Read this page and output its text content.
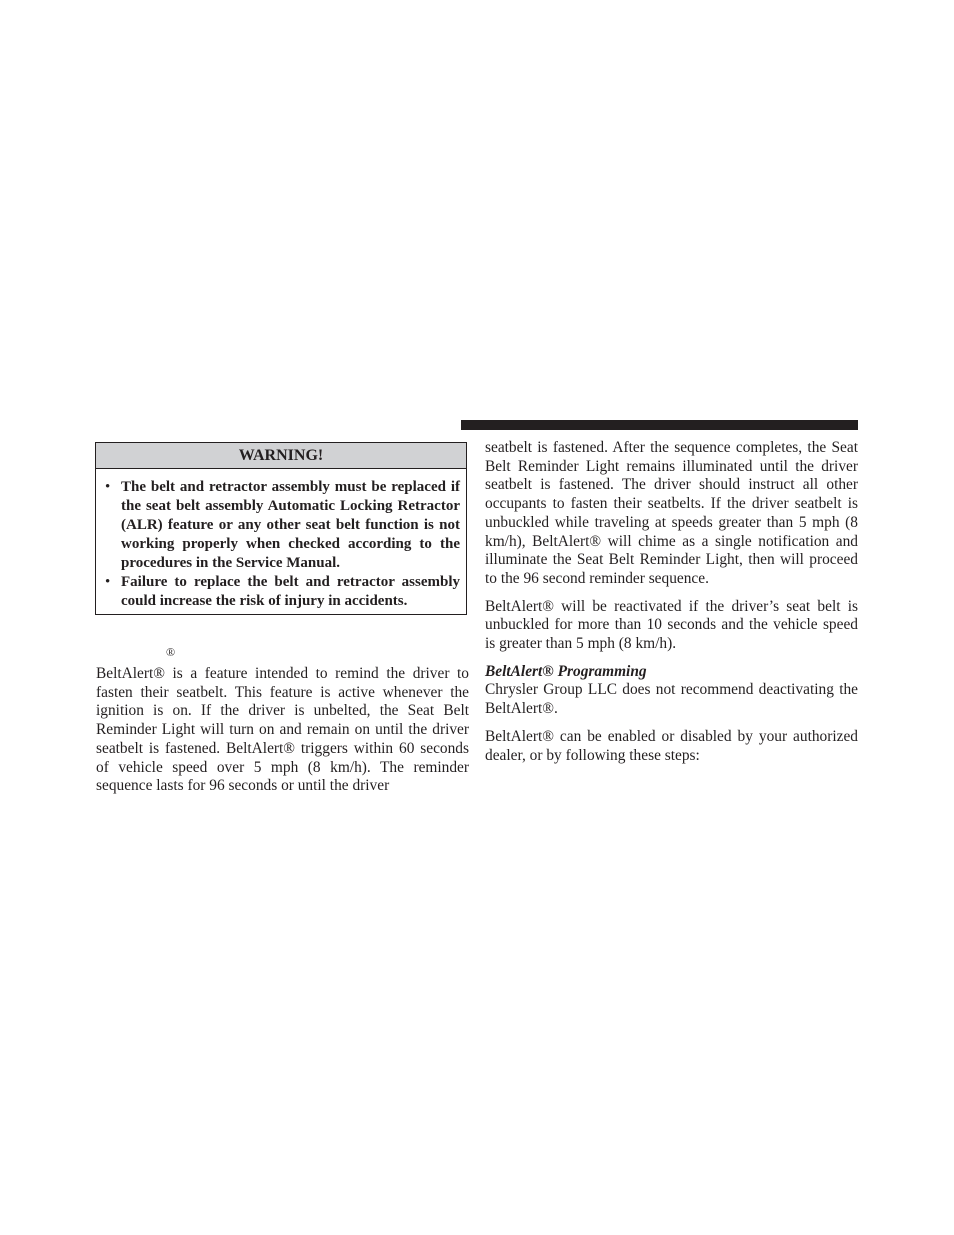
WARNING!
• The belt and retractor assembly must be replaced if the seat belt assembly Automatic Locking Retractor (ALR) feature or any other seat belt function is not working properly when checked according to the procedures in the Service Manual.
• Failure to replace the belt and retractor assembly could increase the risk of injury in accidents.
®

BeltAlert® is a feature intended to remind the driver to fasten their seatbelt. This feature is active whenever the ignition is on. If the driver is unbelted, the Seat Belt Reminder Light will turn on and remain on until the driver seatbelt is fastened. BeltAlert® triggers within 60 seconds of vehicle speed over 5 mph (8 km/h). The reminder sequence lasts for 96 seconds or until the driver

seatbelt is fastened. After the sequence completes, the Seat Belt Reminder Light remains illuminated until the driver seatbelt is fastened. The driver should instruct all other occupants to fasten their seatbelts. If the driver seatbelt is unbuckled while traveling at speeds greater than 5 mph (8 km/h), BeltAlert® will chime as a single notification and illuminate the Seat Belt Reminder Light, then will proceed to the 96 second reminder sequence.

BeltAlert® will be reactivated if the driver’s seat belt is unbuckled for more than 10 seconds and the vehicle speed is greater than 5 mph (8 km/h).

BeltAlert® Programming

Chrysler Group LLC does not recommend deactivating the BeltAlert®.

BeltAlert® can be enabled or disabled by your authorized dealer, or by following these steps:
